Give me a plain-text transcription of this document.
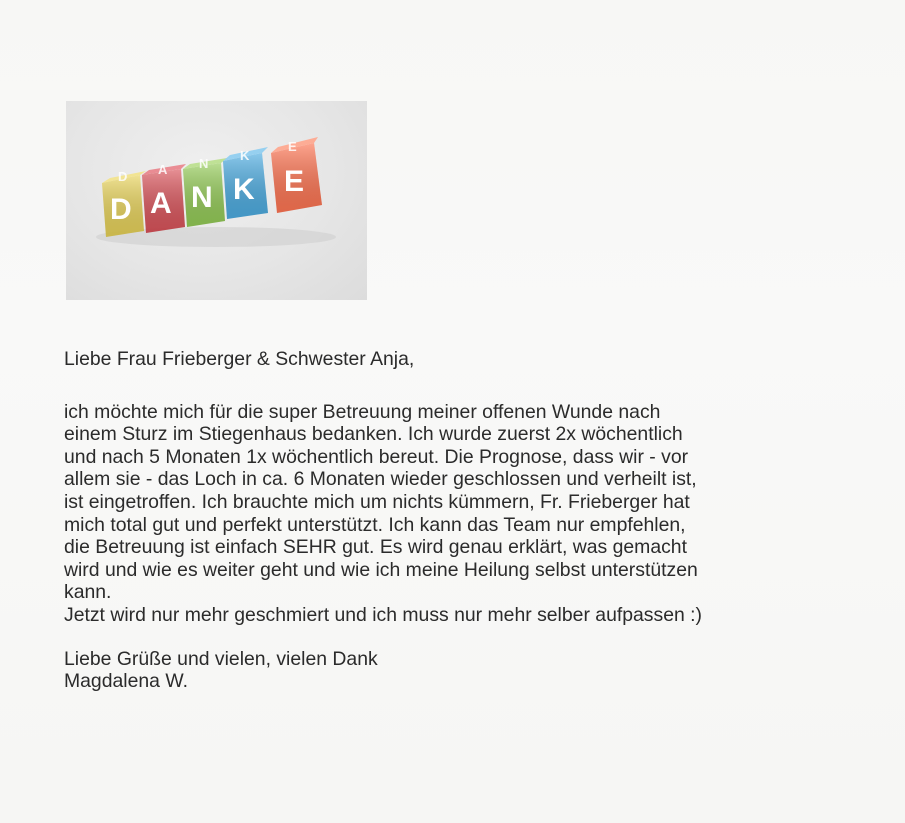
D A N
K
E
D A N K E

Liebe Frau Frieberger & Schwester Anja,

ich möchte mich für die super Betreuung meiner offenen Wunde nach
einem Sturz im Stiegenhaus bedanken. Ich wurde zuerst 2x wöchentlich
und nach 5 Monaten 1x wöchentlich bereut. Die Prognose, dass wir - vor
allem sie - das Loch in ca. 6 Monaten wieder geschlossen und verheilt ist,
ist eingetroffen. Ich brauchte mich um nichts kümmern, Fr. Frieberger hat
mich total gut und perfekt unterstützt. Ich kann das Team nur empfehlen,
die Betreuung ist einfach SEHR gut. Es wird genau erklärt, was gemacht
wird und wie es weiter geht und wie ich meine Heilung selbst unterstützen
kann.
Jetzt wird nur mehr geschmiert und ich muss nur mehr selber aufpassen :)
Liebe Grüße und vielen, vielen Dank
Magdalena W.
